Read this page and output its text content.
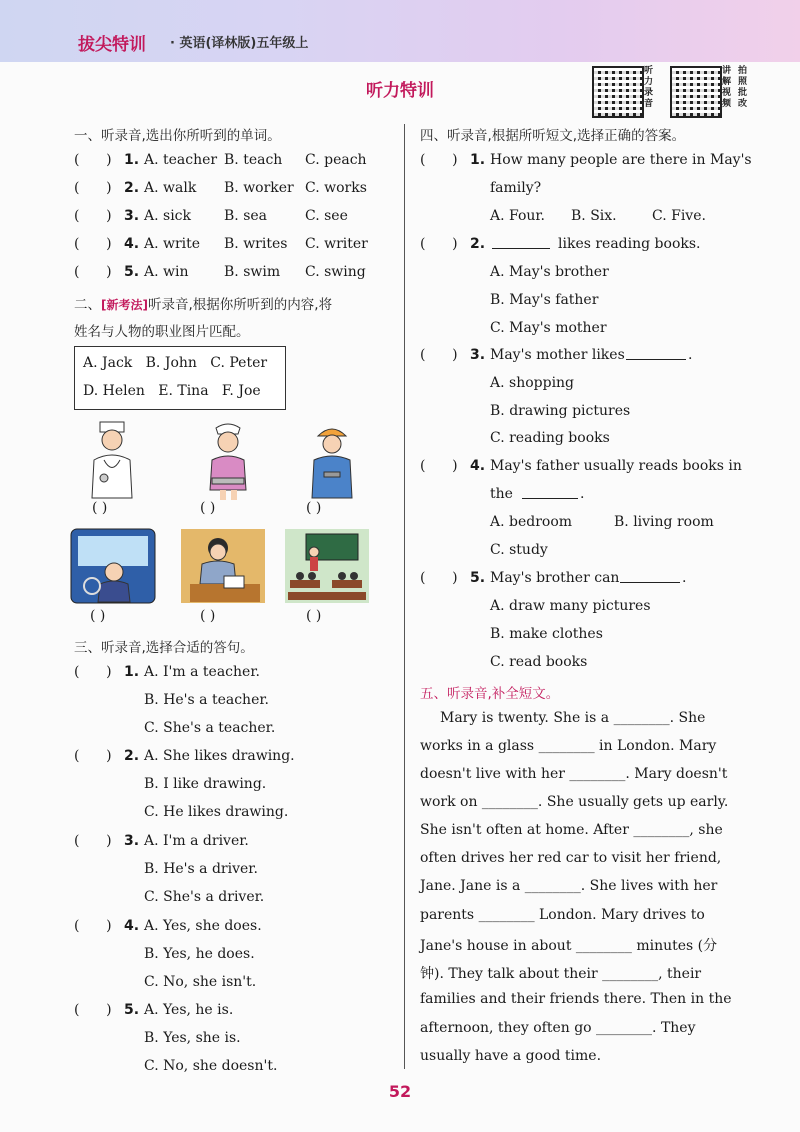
拔尖特训 · 英语(译林版)五年级上
听力特训
听力录音
讲解视频
拍照批改
一、听录音,选出你所听到的单词。
(      ) 1. A. teacher B. teach C. peach
(      ) 2. A. walk B. worker C. works
(      ) 3. A. sick B. sea	C. see
(      ) 4. A. write B. writes C. writer
(      ) 5. A. win	B. swim C. swing
二、[新考法]听录音,根据你所听到的内容,将
姓名与人物的职业图片匹配。
A. Jack   B. John   C. Peter
D. Helen   E. Tina   F. Joe
( )	( )	( )
( )	( )	( )
三、听录音,选择合适的答句。
(      ) 1. A. I'm a teacher.
B. He's a teacher.
C. She's a teacher.
(      ) 2. A. She likes drawing.
B. I like drawing.
C. He likes drawing.
(      ) 3. A. I'm a driver.
B. He's a driver.
C. She's a driver.
(      ) 4. A. Yes, she does.
B. Yes, he does.
C. No, she isn't.
(      ) 5. A. Yes, he is.
B. Yes, she is.
C. No, she doesn't.
四、听录音,根据所听短文,选择正确的答案。
(      ) 1. How many people are there in May's
family?
A. Four. B. Six.	C. Five.
(      ) 2.	likes reading books.
A. May's brother
B. May's father
C. May's mother
(      ) 3. May's mother likes	.
A. shopping
B. drawing pictures
C. reading books
(      ) 4. May's father usually reads books in
the	.
A. bedroom	B. living room
C. study
(      ) 5. May's brother can	.
A. draw many pictures
B. make clothes
C. read books
五、听录音,补全短文。
Mary is twenty. She is a ________. She
works in a glass ________ in London. Mary
doesn't live with her ________. Mary doesn't
work on ________. She usually gets up early.
She isn't often at home. After ________, she
often drives her red car to visit her friend,
Jane. Jane is a ________. She lives with her
parents ________ London. Mary drives to
Jane's house in about ________ minutes (分
钟). They talk about their ________, their
families and their friends there. Then in the
afternoon, they often go ________. They
usually have a good time.
52
